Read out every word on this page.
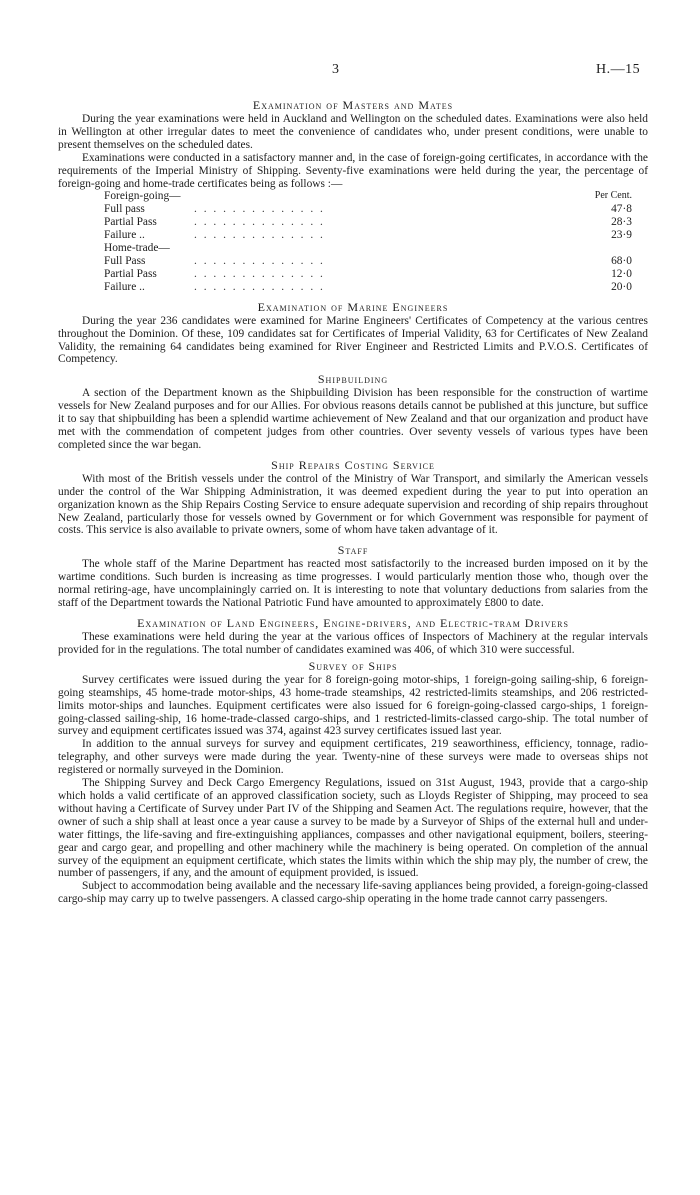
3	H.—15
Examination of Masters and Mates

During the year examinations were held in Auckland and Wellington on the scheduled dates. Examinations were also held in Wellington at other irregular dates to meet the convenience of candidates who, under present conditions, were unable to present themselves on the scheduled dates.

Examinations were conducted in a satisfactory manner and, in the case of foreign-going certificates, in accordance with the requirements of the Imperial Ministry of Shipping. Seventy-five examinations were held during the year, the percentage of foreign-going and home-trade certificates being as follows :—

Foreign-going—		Per Cent.
Full pass	. . . . . . . . . . . . . .	47·8
Partial Pass	. . . . . . . . . . . . . .	28·3
Failure ..	. . . . . . . . . . . . . .	23·9
Home-trade—		
Full Pass	. . . . . . . . . . . . . .	68·0
Partial Pass	. . . . . . . . . . . . . .	12·0
Failure ..	. . . . . . . . . . . . . .	20·0
Examination of Marine Engineers

During the year 236 candidates were examined for Marine Engineers' Certificates of Competency at the various centres throughout the Dominion. Of these, 109 candidates sat for Certificates of Imperial Validity, 63 for Certificates of New Zealand Validity, the remaining 64 candidates being examined for River Engineer and Restricted Limits and P.V.O.S. Certificates of Competency.

Shipbuilding

A section of the Department known as the Shipbuilding Division has been responsible for the construction of wartime vessels for New Zealand purposes and for our Allies. For obvious reasons details cannot be published at this juncture, but suffice it to say that shipbuilding has been a splendid wartime achievement of New Zealand and that our organization and product have met with the commendation of competent judges from other countries. Over seventy vessels of various types have been completed since the war began.

Ship Repairs Costing Service

With most of the British vessels under the control of the Ministry of War Transport, and similarly the American vessels under the control of the War Shipping Administration, it was deemed expedient during the year to put into operation an organization known as the Ship Repairs Costing Service to ensure adequate supervision and recording of ship repairs throughout New Zealand, particularly those for vessels owned by Government or for which Government was responsible for payment of costs. This service is also available to private owners, some of whom have taken advantage of it.

Staff

The whole staff of the Marine Department has reacted most satisfactorily to the increased burden imposed on it by the wartime conditions. Such burden is increasing as time progresses. I would particularly mention those who, though over the normal retiring-age, have uncomplainingly carried on. It is interesting to note that voluntary deductions from salaries from the staff of the Department towards the National Patriotic Fund have amounted to approximately £800 to date.

Examination of Land Engineers, Engine-drivers, and Electric-tram Drivers

These examinations were held during the year at the various offices of Inspectors of Machinery at the regular intervals provided for in the regulations. The total number of candidates examined was 406, of which 310 were successful.

Survey of Ships

Survey certificates were issued during the year for 8 foreign-going motor-ships, 1 foreign-going sailing-ship, 6 foreign-going steamships, 45 home-trade motor-ships, 43 home-trade steamships, 42 restricted-limits steamships, and 206 restricted-limits motor-ships and launches. Equipment certificates were also issued for 6 foreign-going-classed cargo-ships, 1 foreign-going-classed sailing-ship, 16 home-trade-classed cargo-ships, and 1 restricted-limits-classed cargo-ship. The total number of survey and equipment certificates issued was 374, against 423 survey certificates issued last year.

In addition to the annual surveys for survey and equipment certificates, 219 seaworthiness, efficiency, tonnage, radio-telegraphy, and other surveys were made during the year. Twenty-nine of these surveys were made to overseas ships not registered or normally surveyed in the Dominion.

The Shipping Survey and Deck Cargo Emergency Regulations, issued on 31st August, 1943, provide that a cargo-ship which holds a valid certificate of an approved classification society, such as Lloyds Register of Shipping, may proceed to sea without having a Certificate of Survey under Part IV of the Shipping and Seamen Act. The regulations require, however, that the owner of such a ship shall at least once a year cause a survey to be made by a Surveyor of Ships of the external hull and under-water fittings, the life-saving and fire-extinguishing appliances, compasses and other navigational equipment, boilers, steering-gear and cargo gear, and propelling and other machinery while the machinery is being operated. On completion of the annual survey of the equipment an equipment certificate, which states the limits within which the ship may ply, the number of crew, the number of passengers, if any, and the amount of equipment provided, is issued.

Subject to accommodation being available and the necessary life-saving appliances being provided, a foreign-going-classed cargo-ship may carry up to twelve passengers. A classed cargo-ship operating in the home trade cannot carry passengers.
